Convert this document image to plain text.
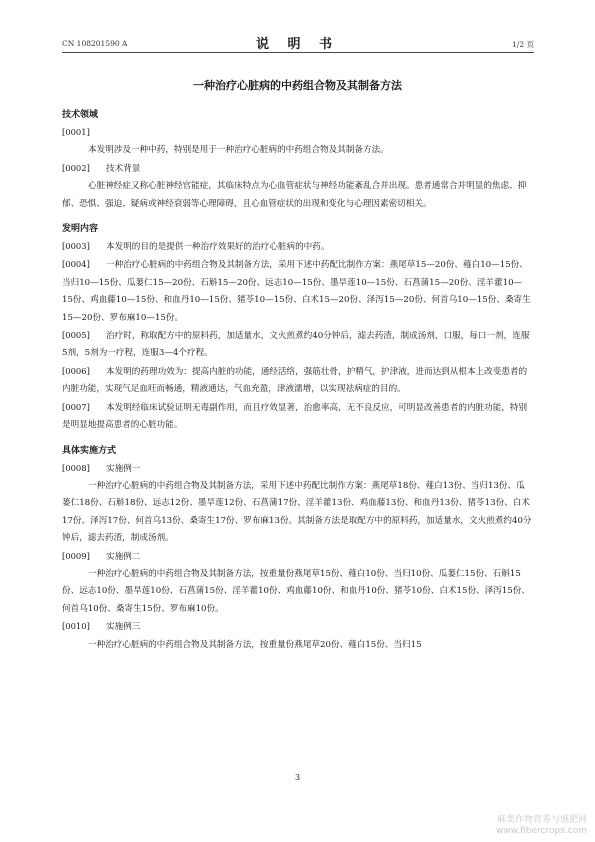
CN 108201590 A	说 明 书	1/2 页
一种治疗心脏病的中药组合物及其制备方法

技术领域

[0001]

本发明涉及一种中药，特别是用于一种治疗心脏病的中药组合物及其制备方法。

[0002] 技术背景

心脏神经症又称心脏神经官能症，其临床特点为心血管症状与神经功能紊乱合并出现。患者通常合并明显的焦虑、抑郁、恐惧、强迫、疑病或神经衰弱等心理障碍，且心血管症状的出现和变化与心理因素密切相关。

发明内容

[0003] 本发明的目的是提供一种治疗效果好的治疗心脏病的中药。

[0004] 一种治疗心脏病的中药组合物及其制备方法，采用下述中药配比制作方案：燕尾草15—20份、薤白10—15份、当归10—15份、瓜蒌仁15—20份、石斛15—20份、远志10—15份、墨旱莲10—15份、石菖蒲15—20份、淫羊藿10—15份、鸡血藤10—15份、和血丹10—15份、猪苓10—15份、白术15—20份、泽泻15—20份、何首乌10—15份、桑寄生15—20份、罗布麻10—15份。

[0005] 治疗时，称取配方中的原料药，加适量水，文火煎煮约40分钟后，滤去药渣，制成汤剂，口服，每口一剂，连服5剂，5剂为一疗程，连服3—4个疗程。

[0006] 本发明的药理功效为：提高内脏的功能，通经活络，强筋壮骨，护精气，护津液，进而达到从根本上改变患者的内脏功能，实现气足血旺而畅通，精液通达，气血充盈，津液濡增，以实现祛病症的目的。

[0007] 本发明经临床试验证明无毒副作用，而且疗效显著，治愈率高，无不良反应，可明显改善患者的内脏功能，特别是明显地提高患者的心脏功能。

具体实施方式

[0008] 实施例一

一种治疗心脏病的中药组合物及其制备方法，采用下述中药配比制作方案：燕尾草18份、薤白13份、当归13份、瓜蒌仁18份、石斛18份、远志12份、墨旱莲12份、石菖蒲17份、淫羊藿13份、鸡血藤13份、和血丹13份、猪苓13份、白术17份、泽泻17份、何首乌13份、桑寄生17份、罗布麻13份。其制备方法是取配方中的原料药，加适量水，文火煎煮约40分钟后，滤去药渣，制成汤剂。

[0009] 实施例二

一种治疗心脏病的中药组合物及其制备方法，按重量份燕尾草15份、薤白10份、当归10份、瓜蒌仁15份、石斛15份、远志10份、墨旱莲10份、石菖蒲15份、淫羊藿10份、鸡血藤10份、和血丹10份、猪苓10份、白术15份、泽泻15份、何首乌10份、桑寄生15份、罗布麻10份。

[0010] 实施例三

一种治疗心脏病的中药组合物及其制备方法，按重量份燕尾草20份、薤白15份、当归15

3
麻类作物营养与施肥网
www.fibercrops.com
